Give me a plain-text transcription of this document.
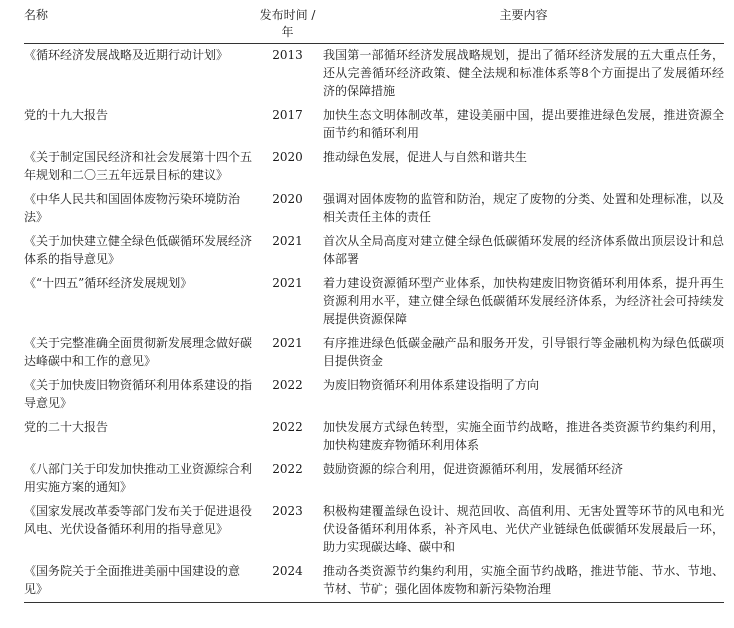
名称	发布时间 / 年	主要内容
《循环经济发展战略及近期行动计划》	2013	我国第一部循环经济发展战略规划，提出了循环经济发展的五大重点任务，还从完善循环经济政策、健全法规和标准体系等8个方面提出了发展循环经济的保障措施
党的十九大报告	2017	加快生态文明体制改革，建设美丽中国，提出要推进绿色发展，推进资源全面节约和循环利用
《关于制定国民经济和社会发展第十四个五年规划和二〇三五年远景目标的建议》	2020	推动绿色发展，促进人与自然和谐共生
《中华人民共和国固体废物污染环境防治法》	2020	强调对固体废物的监管和防治，规定了废物的分类、处置和处理标准，以及相关责任主体的责任
《关于加快建立健全绿色低碳循环发展经济体系的指导意见》	2021	首次从全局高度对建立健全绿色低碳循环发展的经济体系做出顶层设计和总体部署
《“十四五”循环经济发展规划》	2021	着力建设资源循环型产业体系，加快构建废旧物资循环利用体系，提升再生资源利用水平，建立健全绿色低碳循环发展经济体系，为经济社会可持续发展提供资源保障
《关于完整准确全面贯彻新发展理念做好碳达峰碳中和工作的意见》	2021	有序推进绿色低碳金融产品和服务开发，引导银行等金融机构为绿色低碳项目提供资金
《关于加快废旧物资循环利用体系建设的指导意见》	2022	为废旧物资循环利用体系建设指明了方向
党的二十大报告	2022	加快发展方式绿色转型，实施全面节约战略，推进各类资源节约集约利用，加快构建废弃物循环利用体系
《八部门关于印发加快推动工业资源综合利用实施方案的通知》	2022	鼓励资源的综合利用，促进资源循环利用，发展循环经济
《国家发展改革委等部门发布关于促进退役风电、光伏设备循环利用的指导意见》	2023	积极构建覆盖绿色设计、规范回收、高值利用、无害处置等环节的风电和光伏设备循环利用体系，补齐风电、光伏产业链绿色低碳循环发展最后一环，助力实现碳达峰、碳中和
《国务院关于全面推进美丽中国建设的意见》	2024	推动各类资源节约集约利用，实施全面节约战略，推进节能、节水、节地、节材、节矿；强化固体废物和新污染物治理
